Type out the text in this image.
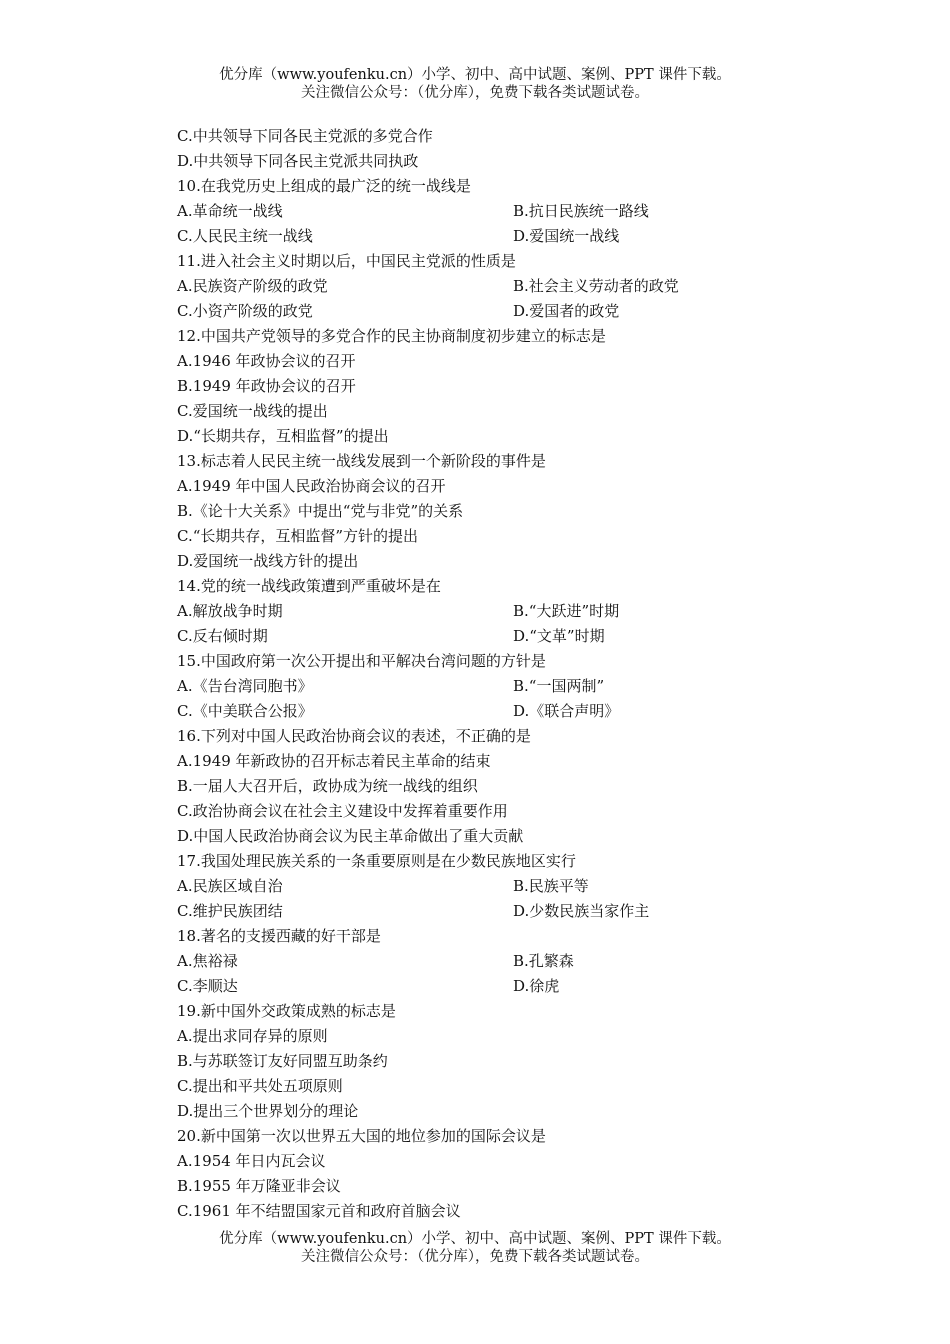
优分库（www.youfenku.cn）小学、初中、高中试题、案例、PPT 课件下载。
关注微信公众号：（优分库），免费下载各类试题试卷。
C.中共领导下同各民主党派的多党合作
D.中共领导下同各民主党派共同执政
10.在我党历史上组成的最广泛的统一战线是
A.革命统一战线	B.抗日民族统一路线
C.人民民主统一战线	D.爱国统一战线
11.进入社会主义时期以后，中国民主党派的性质是
A.民族资产阶级的政党	B.社会主义劳动者的政党
C.小资产阶级的政党	D.爱国者的政党
12.中国共产党领导的多党合作的民主协商制度初步建立的标志是
A.1946 年政协会议的召开
B.1949 年政协会议的召开
C.爱国统一战线的提出
D.“长期共存，互相监督”的提出
13.标志着人民民主统一战线发展到一个新阶段的事件是
A.1949 年中国人民政治协商会议的召开
B.《论十大关系》中提出“党与非党”的关系
C.“长期共存，互相监督”方针的提出
D.爱国统一战线方针的提出
14.党的统一战线政策遭到严重破坏是在
A.解放战争时期	B.“大跃进”时期
C.反右倾时期	D.“文革”时期
15.中国政府第一次公开提出和平解决台湾问题的方针是
A.《告台湾同胞书》	B.“一国两制”
C.《中美联合公报》	D.《联合声明》
16.下列对中国人民政治协商会议的表述，不正确的是
A.1949 年新政协的召开标志着民主革命的结束
B.一届人大召开后，政协成为统一战线的组织
C.政治协商会议在社会主义建设中发挥着重要作用
D.中国人民政治协商会议为民主革命做出了重大贡献
17.我国处理民族关系的一条重要原则是在少数民族地区实行
A.民族区域自治	B.民族平等
C.维护民族团结	D.少数民族当家作主
18.著名的支援西藏的好干部是
A.焦裕禄	B.孔繁森
C.李顺达	D.徐虎
19.新中国外交政策成熟的标志是
A.提出求同存异的原则
B.与苏联签订友好同盟互助条约
C.提出和平共处五项原则
D.提出三个世界划分的理论
20.新中国第一次以世界五大国的地位参加的国际会议是
A.1954 年日内瓦会议
B.1955 年万隆亚非会议
C.1961 年不结盟国家元首和政府首脑会议
优分库（www.youfenku.cn）小学、初中、高中试题、案例、PPT 课件下载。
关注微信公众号：（优分库），免费下载各类试题试卷。
